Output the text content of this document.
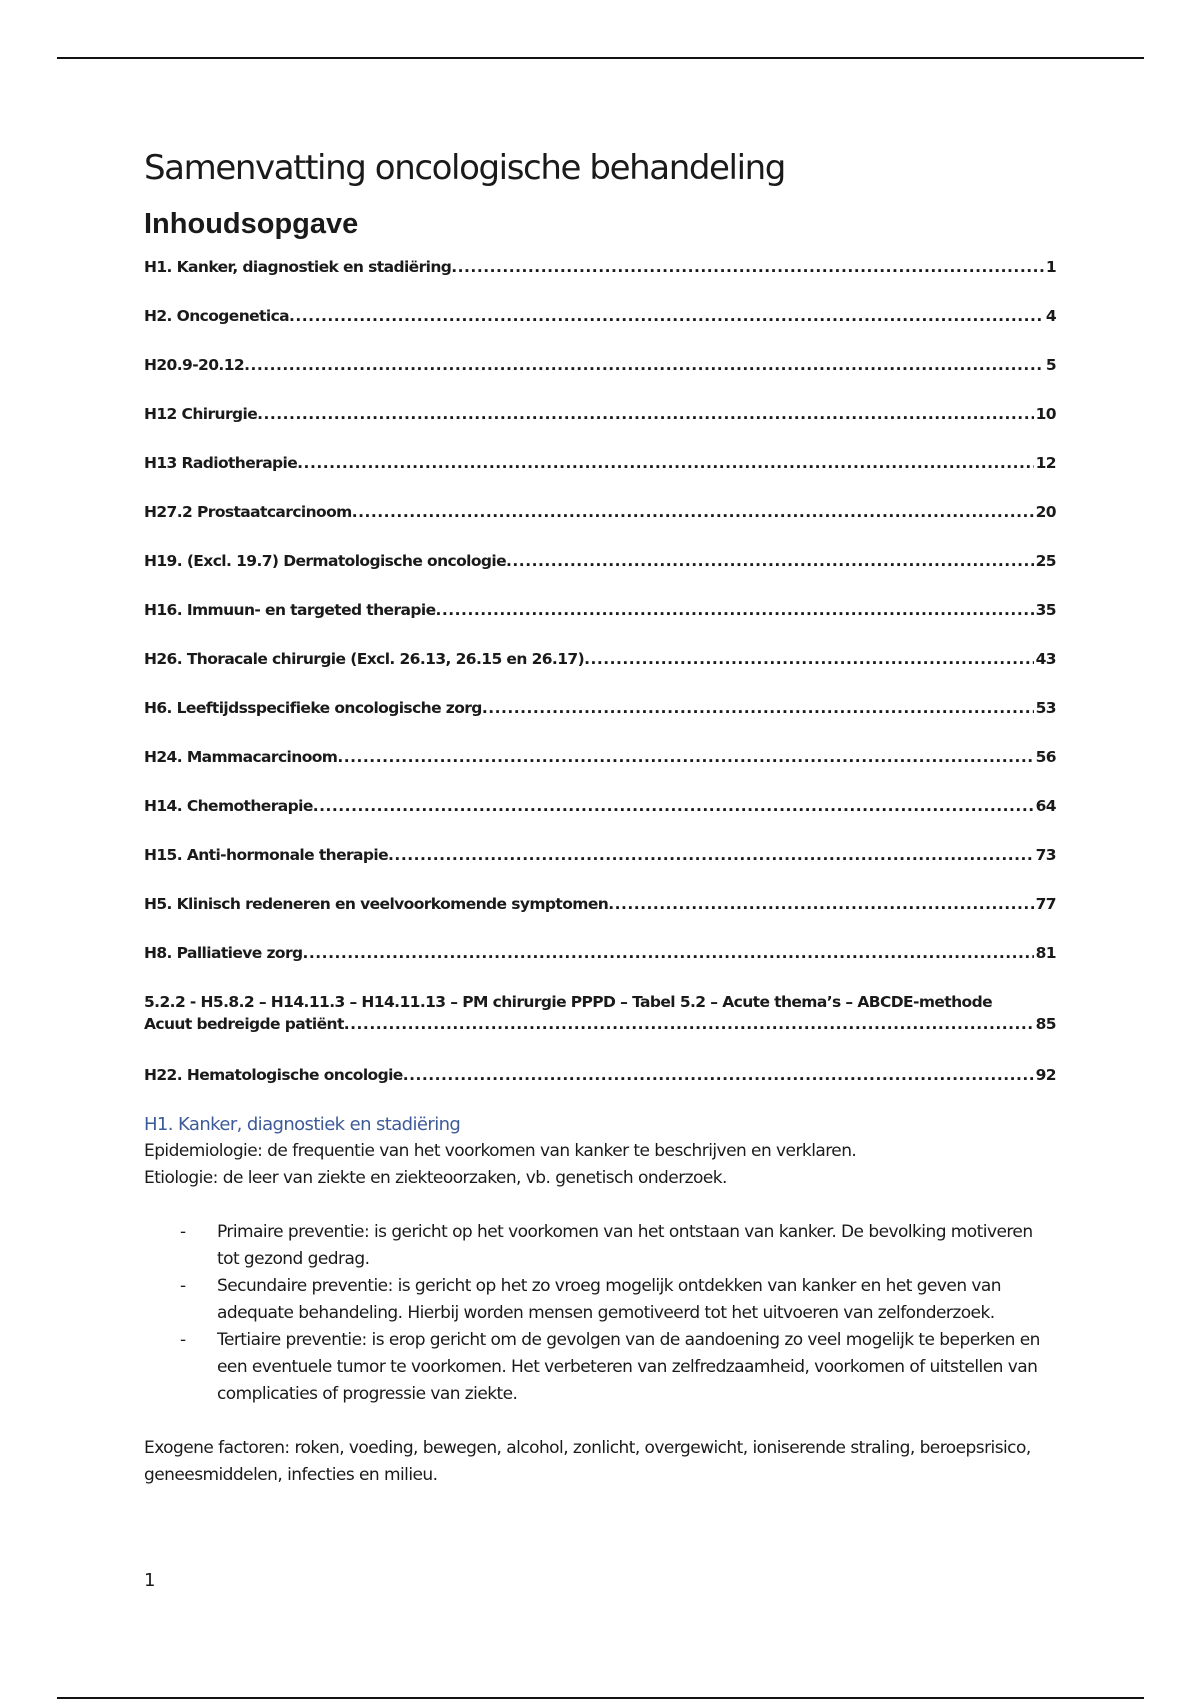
Samenvatting oncologische behandeling
Inhoudsopgave
H1. Kanker, diagnostiek en stadiëring .....	1
H2. Oncogenetica .....	4
H20.9-20.12 .....	5
H12 Chirurgie .....	10
H13 Radiotherapie .....	12
H27.2 Prostaatcarcinoom .....	20
H19. (Excl. 19.7) Dermatologische oncologie .....	25
H16. Immuun- en targeted therapie .....	35
H26. Thoracale chirurgie (Excl. 26.13, 26.15 en 26.17) .....	43
H6. Leeftijdsspecifieke oncologische zorg .....	53
H24. Mammacarcinoom .....	56
H14. Chemotherapie .....	64
H15. Anti-hormonale therapie .....	73
H5. Klinisch redeneren en veelvoorkomende symptomen .....	77
H8. Palliatieve zorg .....	81
5.2.2 - H5.8.2 – H14.11.3 – H14.11.13 – PM chirurgie PPPD – Tabel 5.2 – Acute thema’s – ABCDE-methode
Acuut bedreigde patiënt .....	85
H22. Hematologische oncologie .....	92
H1. Kanker, diagnostiek en stadiëring

Epidemiologie: de frequentie van het voorkomen van kanker te beschrijven en verklaren.

Etiologie: de leer van ziekte en ziekteoorzaken, vb. genetisch onderzoek.

- Primaire preventie: is gericht op het voorkomen van het ontstaan van kanker. De bevolking motiveren tot gezond gedrag.
- Secundaire preventie: is gericht op het zo vroeg mogelijk ontdekken van kanker en het geven van adequate behandeling. Hierbij worden mensen gemotiveerd tot het uitvoeren van zelfonderzoek.
- Tertiaire preventie: is erop gericht om de gevolgen van de aandoening zo veel mogelijk te beperken en een eventuele tumor te voorkomen. Het verbeteren van zelfredzaamheid, voorkomen of uitstellen van complicaties of progressie van ziekte.

Exogene factoren: roken, voeding, bewegen, alcohol, zonlicht, overgewicht, ioniserende straling, beroepsrisico, geneesmiddelen, infecties en milieu.

1
